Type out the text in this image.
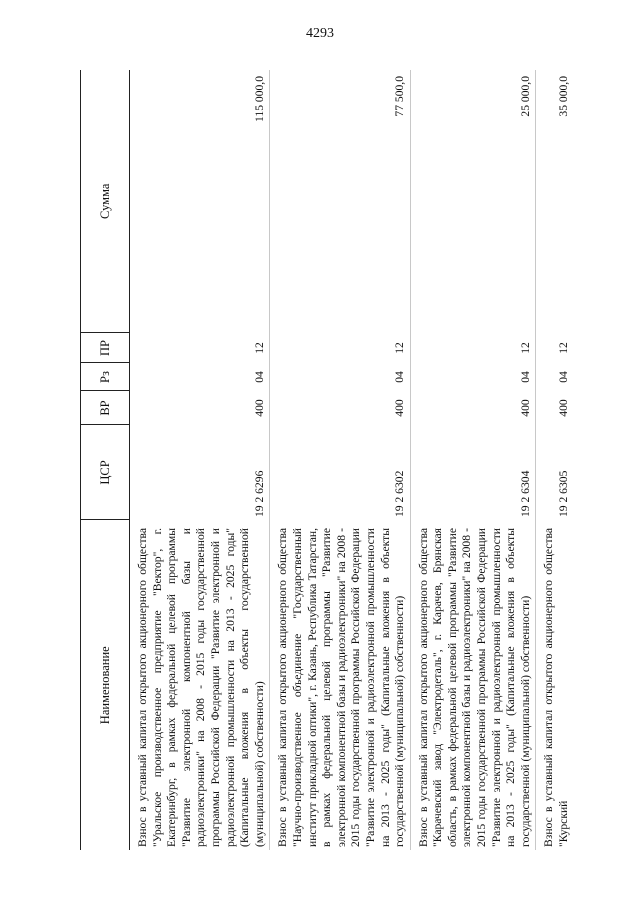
4293
Наименование	ЦСР	ВР	Рз	ПР	Сумма
Взнос в уставный капитал открытого акционерного общества "Уральское производственное предприятие "Вектор", г. Екатеринбург, в рамках федеральной целевой программы "Развитие электронной компонентной базы и радиоэлектроники" на 2008 - 2015 годы государственной программы Российской Федерации "Развитие электронной и радиоэлектронной промышленности на 2013 - 2025 годы" (Капитальные вложения в объекты государственной (муниципальной) собственности)	19 2 6296	400	04	12	115 000,0
Взнос в уставный капитал открытого акционерного общества "Научно-производственное объединение "Государственный институт прикладной оптики", г. Казань, Республика Татарстан, в рамках федеральной целевой программы "Развитие электронной компонентной базы и радиоэлектроники" на 2008 - 2015 годы государственной программы Российской Федерации "Развитие электронной и радиоэлектронной промышленности на 2013 - 2025 годы" (Капитальные вложения в объекты государственной (муниципальной) собственности)	19 2 6302	400	04	12	77 500,0
Взнос в уставный капитал открытого акционерного общества "Карачевский завод "Электродеталь", г. Карачев, Брянская область, в рамках федеральной целевой программы "Развитие электронной компонентной базы и радиоэлектроники" на 2008 - 2015 годы государственной программы Российской Федерации "Развитие электронной и радиоэлектронной промышленности на 2013 - 2025 годы" (Капитальные вложения в объекты государственной (муниципальной) собственности)	19 2 6304	400	04	12	25 000,0
Взнос в уставный капитал открытого акционерного общества "Курский	19 2 6305	400	04	12	35 000,0
